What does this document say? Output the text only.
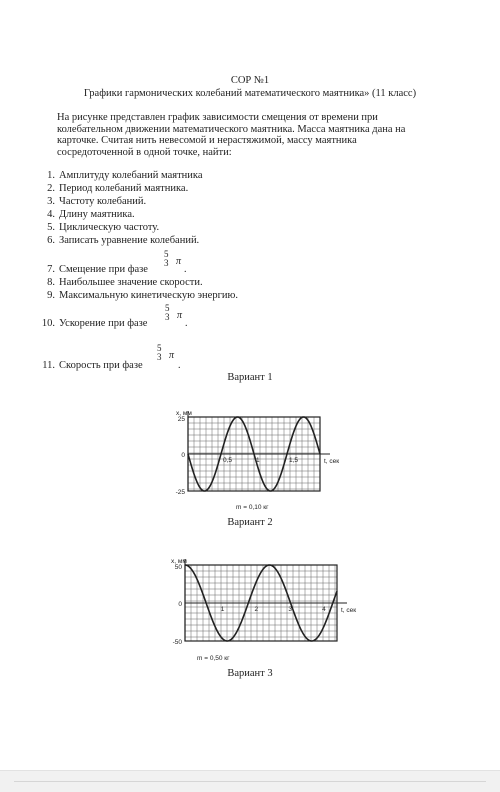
СОР №1
Графики гармонических колебаний математического маятника» (11 класс)
На рисунке представлен график зависимости смещения от времени при
колебательном движении математического маятника. Масса маятника дана на
карточке. Считая нить невесомой и нерастяжимой, массу маятника
сосредоточенной в одной точке, найти:
1. Амплитуду колебаний маятника
2. Период колебаний маятника.
3. Частоту колебаний.
4. Длину маятника.
5. Циклическую частоту.
6. Записать уравнение колебаний.
7. Смещение при фазе
5
3 π
.
8. Наибольшее значение скорости.
9. Максимальную кинетическую энергию.
10. Ускорение при фазе
5
3 π
.
11. Скорость при фазе
5
3 π
.
Вариант 1
x, мм
t, сек
25
0
-25
0,5	1	1,5
m = 0,10 кг
Вариант 2
x, мм
t, сек
50
0
-50
1	2	3	4
m = 0,50 кг
Вариант 3
